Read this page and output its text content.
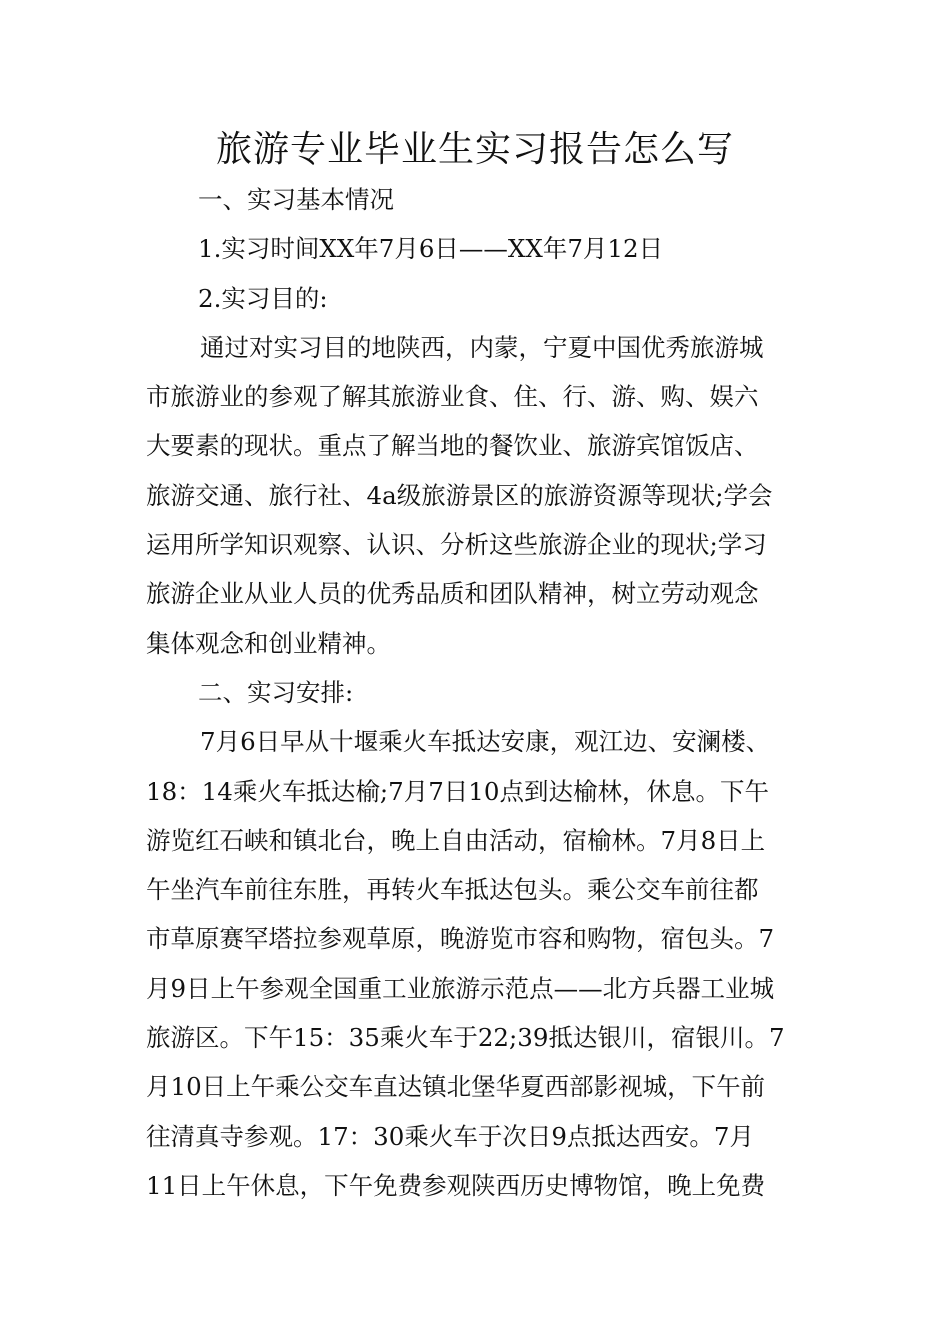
旅游专业毕业生实习报告怎么写
一、实习基本情况
1.实习时间XX年7月6日——XX年7月12日
2.实习目的:
通过对实习目的地陕西，内蒙，宁夏中国优秀旅游城
市旅游业的参观了解其旅游业食、住、行、游、购、娱六
大要素的现状。重点了解当地的餐饮业、旅游宾馆饭店、
旅游交通、旅行社、4a级旅游景区的旅游资源等现状;学会
运用所学知识观察、认识、分析这些旅游企业的现状;学习
旅游企业从业人员的优秀品质和团队精神，树立劳动观念
集体观念和创业精神。
二、实习安排:
7月6日早从十堰乘火车抵达安康，观江边、安澜楼、
18：14乘火车抵达榆;7月7日10点到达榆林，休息。下午
游览红石峡和镇北台，晚上自由活动，宿榆林。7月8日上
午坐汽车前往东胜，再转火车抵达包头。乘公交车前往都
市草原赛罕塔拉参观草原，晚游览市容和购物，宿包头。7
月9日上午参观全国重工业旅游示范点——北方兵器工业城
旅游区。下午15：35乘火车于22;39抵达银川，宿银川。7
月10日上午乘公交车直达镇北堡华夏西部影视城，下午前
往清真寺参观。17：30乘火车于次日9点抵达西安。7月
11日上午休息，下午免费参观陕西历史博物馆，晚上免费
